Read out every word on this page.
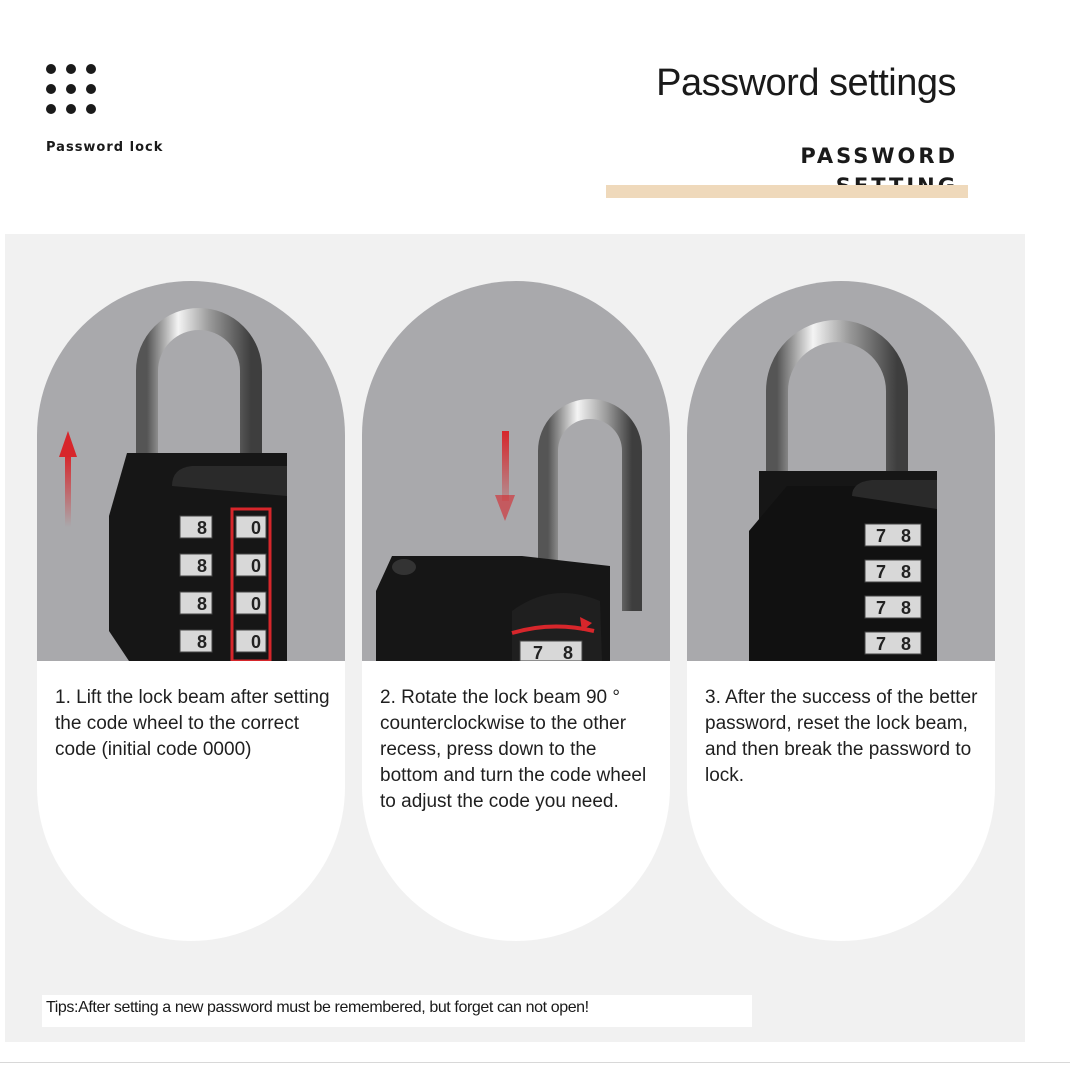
Password lock
Password settings
PASSWORD
8
8
8
8
0
0
0
0
1. Lift the lock beam after setting the code wheel to the correct code (initial code 0000)
7 8
2. Rotate the lock beam 90 ° counterclockwise to the other recess, press down to the bottom and turn the code wheel to adjust the code you need.
7 8
7 8
7 8
7 8
3. After the success of the better password, reset the lock beam, and then break the password to lock.
Tips:After setting a new password must be remembered, but forget can not open!
